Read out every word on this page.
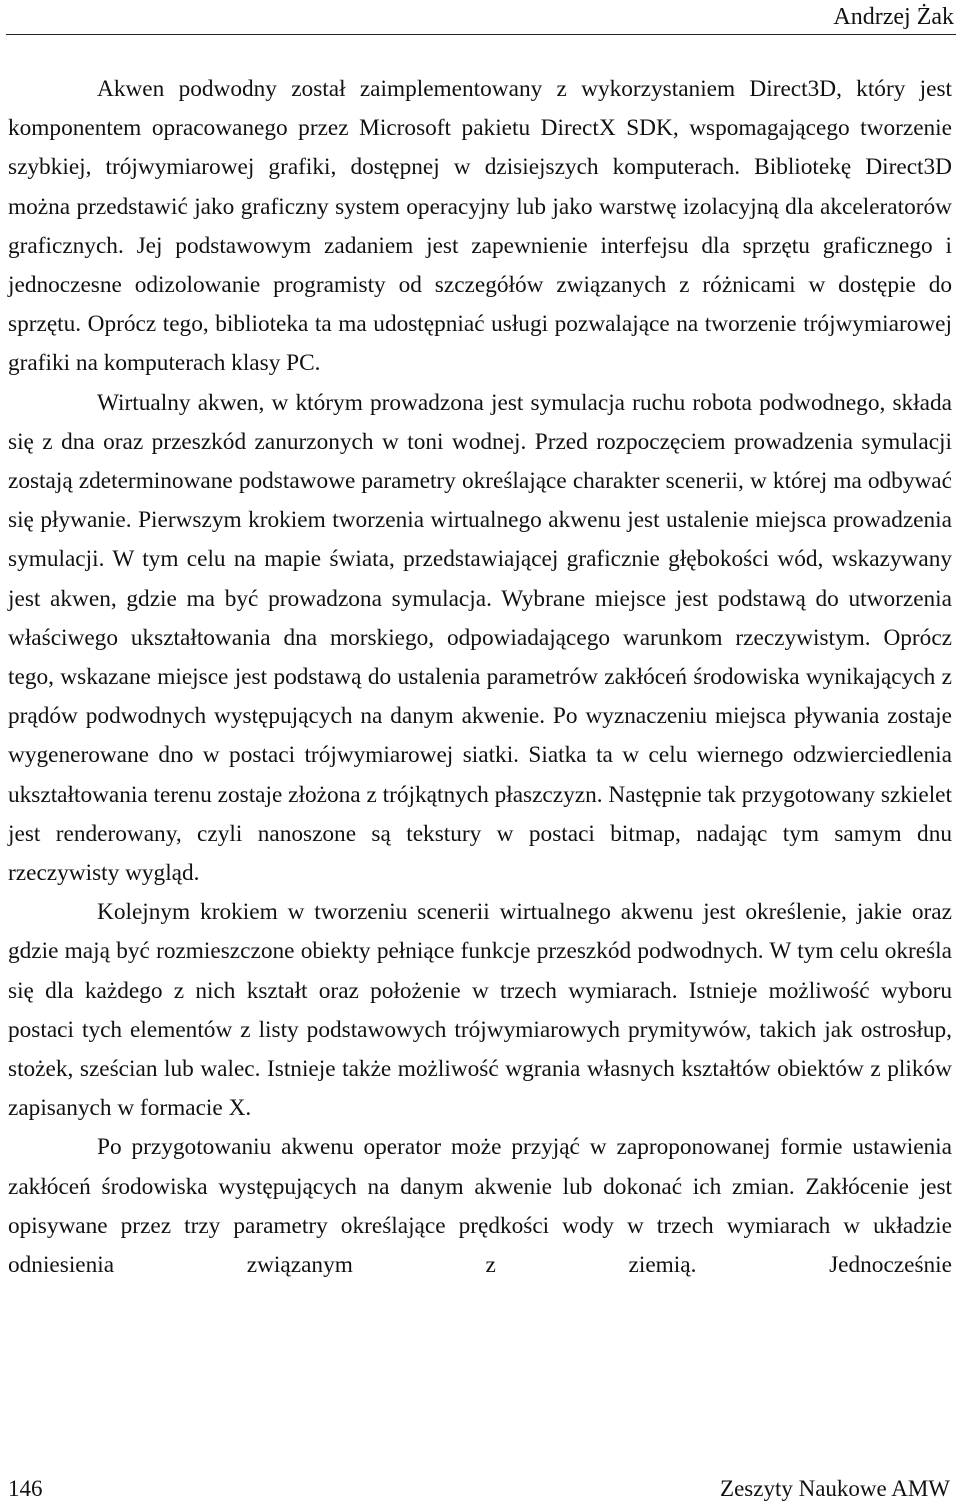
Andrzej Żak

Akwen podwodny został zaimplementowany z wykorzystaniem Direct3D, który jest komponentem opracowanego przez Microsoft pakietu DirectX SDK, wspomagającego tworzenie szybkiej, trójwymiarowej grafiki, dostępnej w dzisiejszych komputerach. Bibliotekę Direct3D można przedstawić jako graficzny system operacyjny lub jako warstwę izolacyjną dla akceleratorów graficznych. Jej podstawowym zadaniem jest zapewnienie interfejsu dla sprzętu graficznego i jednoczesne odizolowanie programisty od szczegółów związanych z różnicami w dostępie do sprzętu. Oprócz tego, biblioteka ta ma udostępniać usługi pozwalające na tworzenie trójwymiarowej grafiki na komputerach klasy PC.

Wirtualny akwen, w którym prowadzona jest symulacja ruchu robota podwodnego, składa się z dna oraz przeszkód zanurzonych w toni wodnej. Przed rozpoczęciem prowadzenia symulacji zostają zdeterminowane podstawowe parametry określające charakter scenerii, w której ma odbywać się pływanie. Pierwszym krokiem tworzenia wirtualnego akwenu jest ustalenie miejsca prowadzenia symulacji. W tym celu na mapie świata, przedstawiającej graficznie głębokości wód, wskazywany jest akwen, gdzie ma być prowadzona symulacja. Wybrane miejsce jest podstawą do utworzenia właściwego ukształtowania dna morskiego, odpowiadającego warunkom rzeczywistym. Oprócz tego, wskazane miejsce jest podstawą do ustalenia parametrów zakłóceń środowiska wynikających z prądów podwodnych występujących na danym akwenie. Po wyznaczeniu miejsca pływania zostaje wygenerowane dno w postaci trójwymiarowej siatki. Siatka ta w celu wiernego odzwierciedlenia ukształtowania terenu zostaje złożona z trójkątnych płaszczyzn. Następnie tak przygotowany szkielet jest renderowany, czyli nanoszone są tekstury w postaci bitmap, nadając tym samym dnu rzeczywisty wygląd.

Kolejnym krokiem w tworzeniu scenerii wirtualnego akwenu jest określenie, jakie oraz gdzie mają być rozmieszczone obiekty pełniące funkcje przeszkód podwodnych. W tym celu określa się dla każdego z nich kształt oraz położenie w trzech wymiarach. Istnieje możliwość wyboru postaci tych elementów z listy podstawowych trójwymiarowych prymitywów, takich jak ostrosłup, stożek, sześcian lub walec. Istnieje także możliwość wgrania własnych kształtów obiektów z plików zapisanych w formacie X.

Po przygotowaniu akwenu operator może przyjąć w zaproponowanej formie ustawienia zakłóceń środowiska występujących na danym akwenie lub dokonać ich zmian. Zakłócenie jest opisywane przez trzy parametry określające prędkości wody w trzech wymiarach w układzie odniesienia związanym z ziemią. Jednocześnie

146	Zeszyty Naukowe AMW
